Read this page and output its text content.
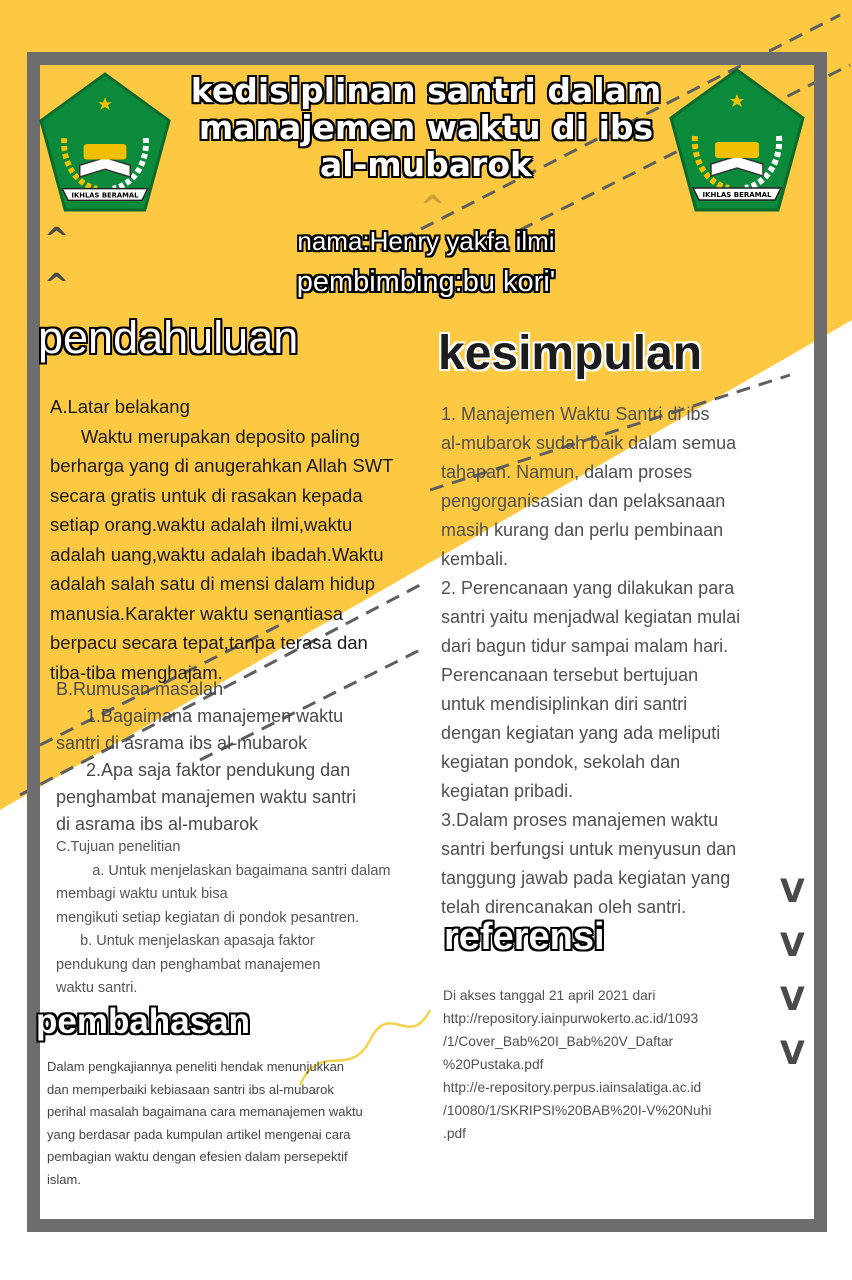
IKHLAS BERAMAL	IKHLAS BERAMAL
kedisiplinan santri dalam
manajemen waktu di ibs
al-mubarok
nama:Henry yakfa ilmi
pembimbing:bu kori'
^
^
^
pendahuluan

A.Latar belakang

Waktu merupakan deposito paling

berharga yang di anugerahkan Allah SWT

secara gratis untuk di rasakan kepada

setiap orang.waktu adalah ilmi,waktu

adalah uang,waktu adalah ibadah.Waktu

adalah salah satu di mensi dalam hidup

manusia.Karakter waktu senantiasa

berpacu secara tepat,tanpa terasa dan

tiba-tiba menghajam.

B.Rumusan masalah

1.Bagaimana manajemen waktu

santri di asrama ibs al-mubarok

2.Apa saja faktor pendukung dan

penghambat manajemen waktu santri

di asrama ibs al-mubarok

C.Tujuan penelitian

a. Untuk menjelaskan bagaimana santri dalam

membagi waktu untuk bisa

mengikuti setiap kegiatan di pondok pesantren.

b. Untuk menjelaskan apasaja faktor

pendukung dan penghambat manajemen

waktu santri.

pembahasan

Dalam pengkajiannya peneliti hendak menunjukkan

dan memperbaiki kebiasaan santri ibs al-mubarok

perihal masalah bagaimana cara memanajemen waktu

yang berdasar pada kumpulan artikel mengenai cara

pembagian waktu dengan efesien dalam persepektif

islam.

kesimpulan

1. Manajemen Waktu Santri di ibs

al-mubarok sudah baik dalam semua

tahapan. Namun, dalam proses

pengorganisasian dan pelaksanaan

masih kurang dan perlu pembinaan

kembali.

2. Perencanaan yang dilakukan para

santri yaitu menjadwal kegiatan mulai

dari bagun tidur sampai malam hari.

Perencanaan tersebut bertujuan

untuk mendisiplinkan diri santri

dengan kegiatan yang ada meliputi

kegiatan pondok, sekolah dan

kegiatan pribadi.

3.Dalam proses manajemen waktu

santri berfungsi untuk menyusun dan

tanggung jawab pada kegiatan yang

telah direncanakan oleh santri.

referensi

Di akses tanggal 21 april 2021 dari

http://repository.iainpurwokerto.ac.id/1093

/1/Cover_Bab%20I_Bab%20V_Daftar

%20Pustaka.pdf

http://e-repository.perpus.iainsalatiga.ac.id

/10080/1/SKRIPSI%20BAB%20I-V%20Nuhi

.pdf

V
V
V
V
